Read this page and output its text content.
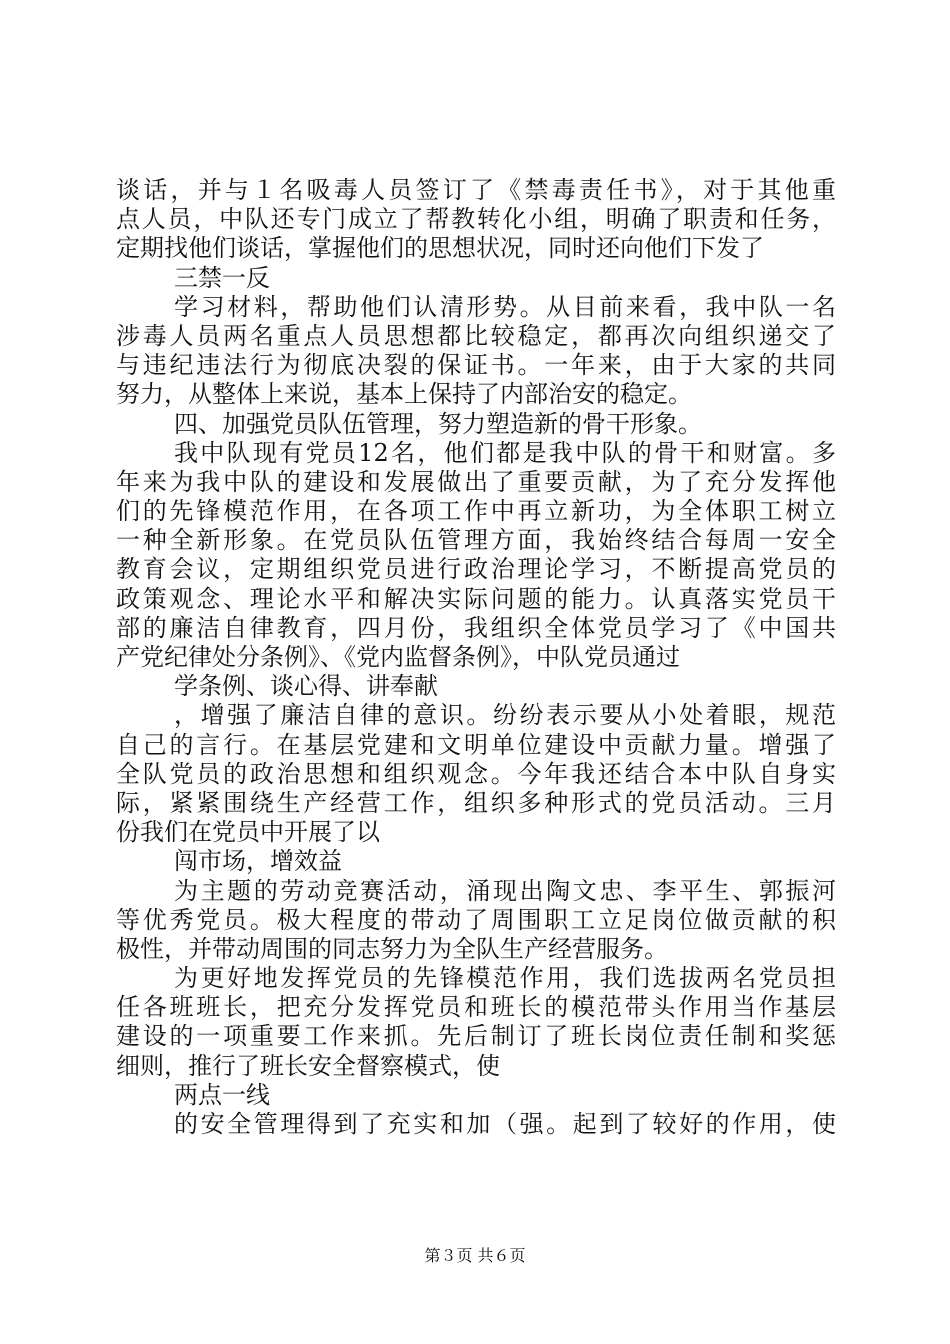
谈话，并与１名吸毒人员签订了《禁毒责任书》，对于其他重
点人员，中队还专门成立了帮教转化小组，明确了职责和任务，
定期找他们谈话，掌握他们的思想状况，同时还向他们下发了
三禁一反
学习材料，帮助他们认清形势。从目前来看，我中队一名
涉毒人员两名重点人员思想都比较稳定，都再次向组织递交了
与违纪违法行为彻底决裂的保证书。一年来，由于大家的共同
努力，从整体上来说，基本上保持了内部治安的稳定。
四、加强党员队伍管理，努力塑造新的骨干形象。
我中队现有党员12名，他们都是我中队的骨干和财富。多
年来为我中队的建设和发展做出了重要贡献，为了充分发挥他
们的先锋模范作用，在各项工作中再立新功，为全体职工树立
一种全新形象。在党员队伍管理方面，我始终结合每周一安全
教育会议，定期组织党员进行政治理论学习，不断提高党员的
政策观念、理论水平和解决实际问题的能力。认真落实党员干
部的廉洁自律教育，四月份，我组织全体党员学习了《中国共
产党纪律处分条例》、《党内监督条例》，中队党员通过
学条例、谈心得、讲奉献
，增强了廉洁自律的意识。纷纷表示要从小处着眼，规范
自己的言行。在基层党建和文明单位建设中贡献力量。增强了
全队党员的政治思想和组织观念。今年我还结合本中队自身实
际，紧紧围绕生产经营工作，组织多种形式的党员活动。三月
份我们在党员中开展了以
闯市场，增效益
为主题的劳动竞赛活动，涌现出陶文忠、李平生、郭振河
等优秀党员。极大程度的带动了周围职工立足岗位做贡献的积
极性，并带动周围的同志努力为全队生产经营服务。
为更好地发挥党员的先锋模范作用，我们选拔两名党员担
任各班班长，把充分发挥党员和班长的模范带头作用当作基层
建设的一项重要工作来抓。先后制订了班长岗位责任制和奖惩
细则，推行了班长安全督察模式，使
两点一线
的安全管理得到了充实和加（强。起到了较好的作用，使
第３页 共６页
